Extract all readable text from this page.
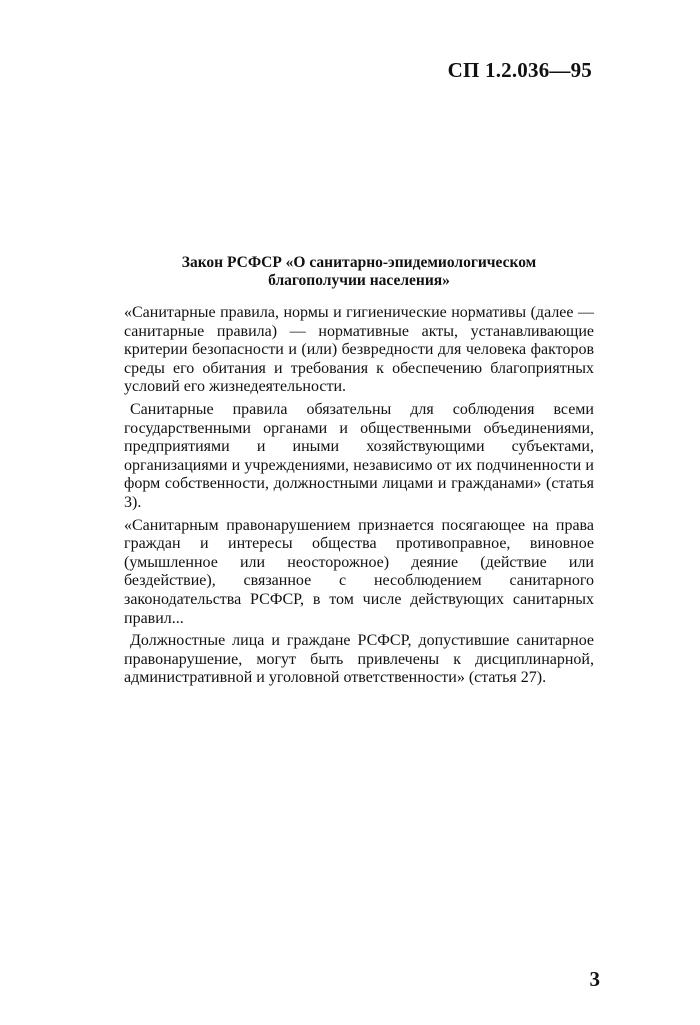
СП 1.2.036—95
Закон РСФСР «О санитарно-эпидемиологическом
благополучии населения»

«Санитарные правила, нормы и гигиенические нормативы (далее — санитарные правила) — нормативные акты, устанавливающие критерии безопасности и (или) безвредности для человека факторов среды его обитания и требования к обеспечению благоприятных условий его жизнедеятельности.

Санитарные правила обязательны для соблюдения всеми государственными органами и общественными объединениями, предприятиями и иными хозяйствующими субъектами, организациями и учреждениями, независимо от их подчиненности и форм собственности, должностными лицами и гражданами» (статья 3).

«Санитарным правонарушением признается посягающее на права граждан и интересы общества противоправное, виновное (умышленное или неосторожное) деяние (действие или бездействие), связанное с несоблюдением санитарного законодательства РСФСР, в том числе действующих санитарных правил...

Должностные лица и граждане РСФСР, допустившие санитарное правонарушение, могут быть привлечены к дисциплинарной, административной и уголовной ответственности» (статья 27).

3
